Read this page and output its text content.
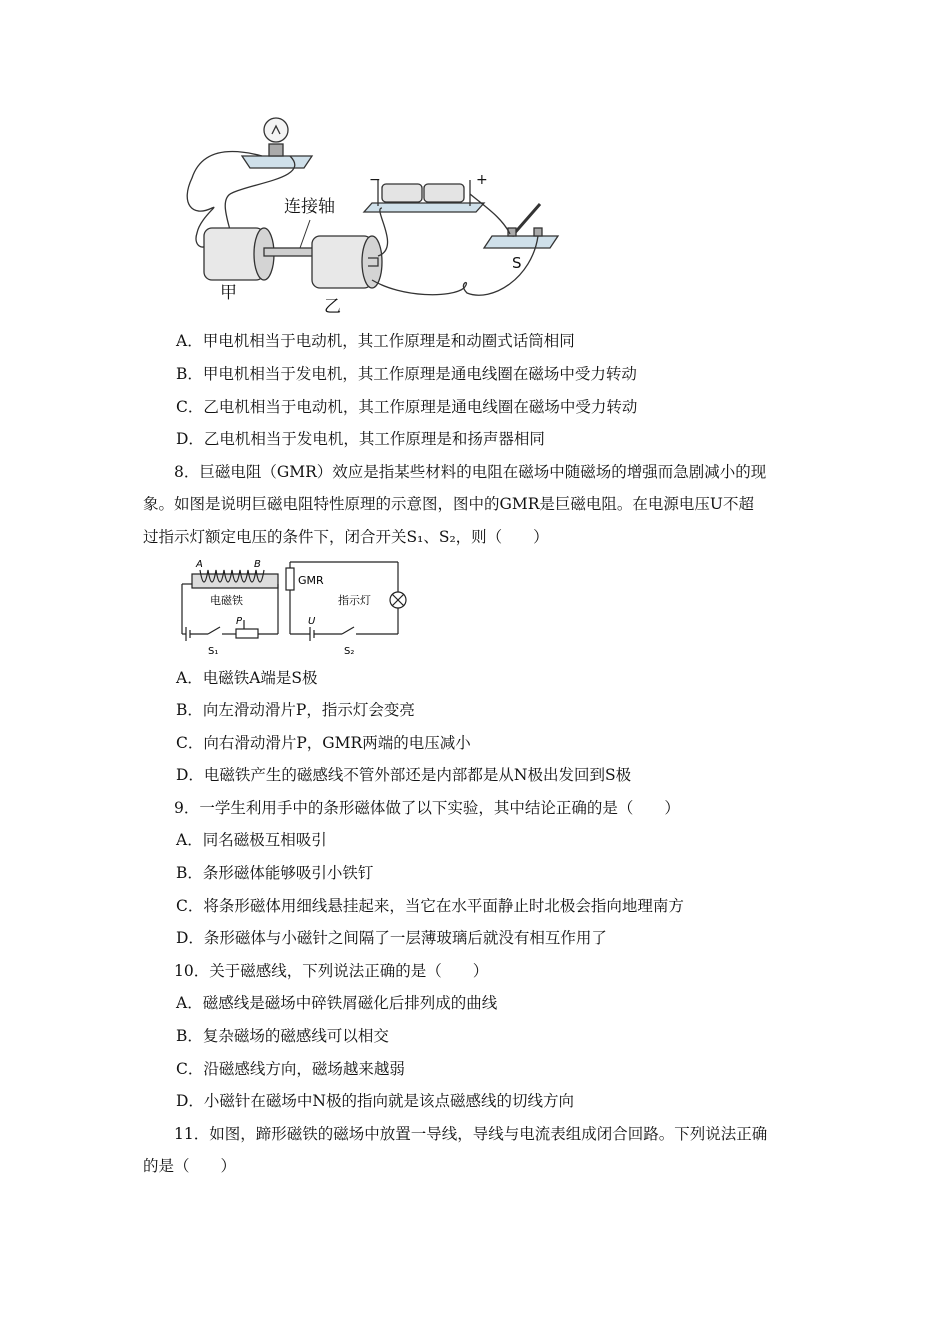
连接轴
甲
乙
−	+
S
A．甲电机相当于电动机，其工作原理是和动圈式话筒相同
B．甲电机相当于发电机，其工作原理是通电线圈在磁场中受力转动
C．乙电机相当于电动机，其工作原理是通电线圈在磁场中受力转动
D．乙电机相当于发电机，其工作原理是和扬声器相同
8．巨磁电阻（GMR）效应是指某些材料的电阻在磁场中随磁场的增强而急剧减小的现
象。如图是说明巨磁电阻特性原理的示意图，图中的GMR是巨磁电阻。在电源电压U不超
过指示灯额定电压的条件下，闭合开关S₁、S₂，则（　　）
A	B
电磁铁
GMR
指示灯
P
S₁
U
S₂
A．电磁铁A端是S极
B．向左滑动滑片P，指示灯会变亮
C．向右滑动滑片P，GMR两端的电压减小
D．电磁铁产生的磁感线不管外部还是内部都是从N极出发回到S极
9．一学生利用手中的条形磁体做了以下实验，其中结论正确的是（　　）
A．同名磁极互相吸引
B．条形磁体能够吸引小铁钉
C．将条形磁体用细线悬挂起来，当它在水平面静止时北极会指向地理南方
D．条形磁体与小磁针之间隔了一层薄玻璃后就没有相互作用了
10．关于磁感线，下列说法正确的是（　　）
A．磁感线是磁场中碎铁屑磁化后排列成的曲线
B．复杂磁场的磁感线可以相交
C．沿磁感线方向，磁场越来越弱
D．小磁针在磁场中N极的指向就是该点磁感线的切线方向
11．如图，蹄形磁铁的磁场中放置一导线，导线与电流表组成闭合回路。下列说法正确
的是（　　）
